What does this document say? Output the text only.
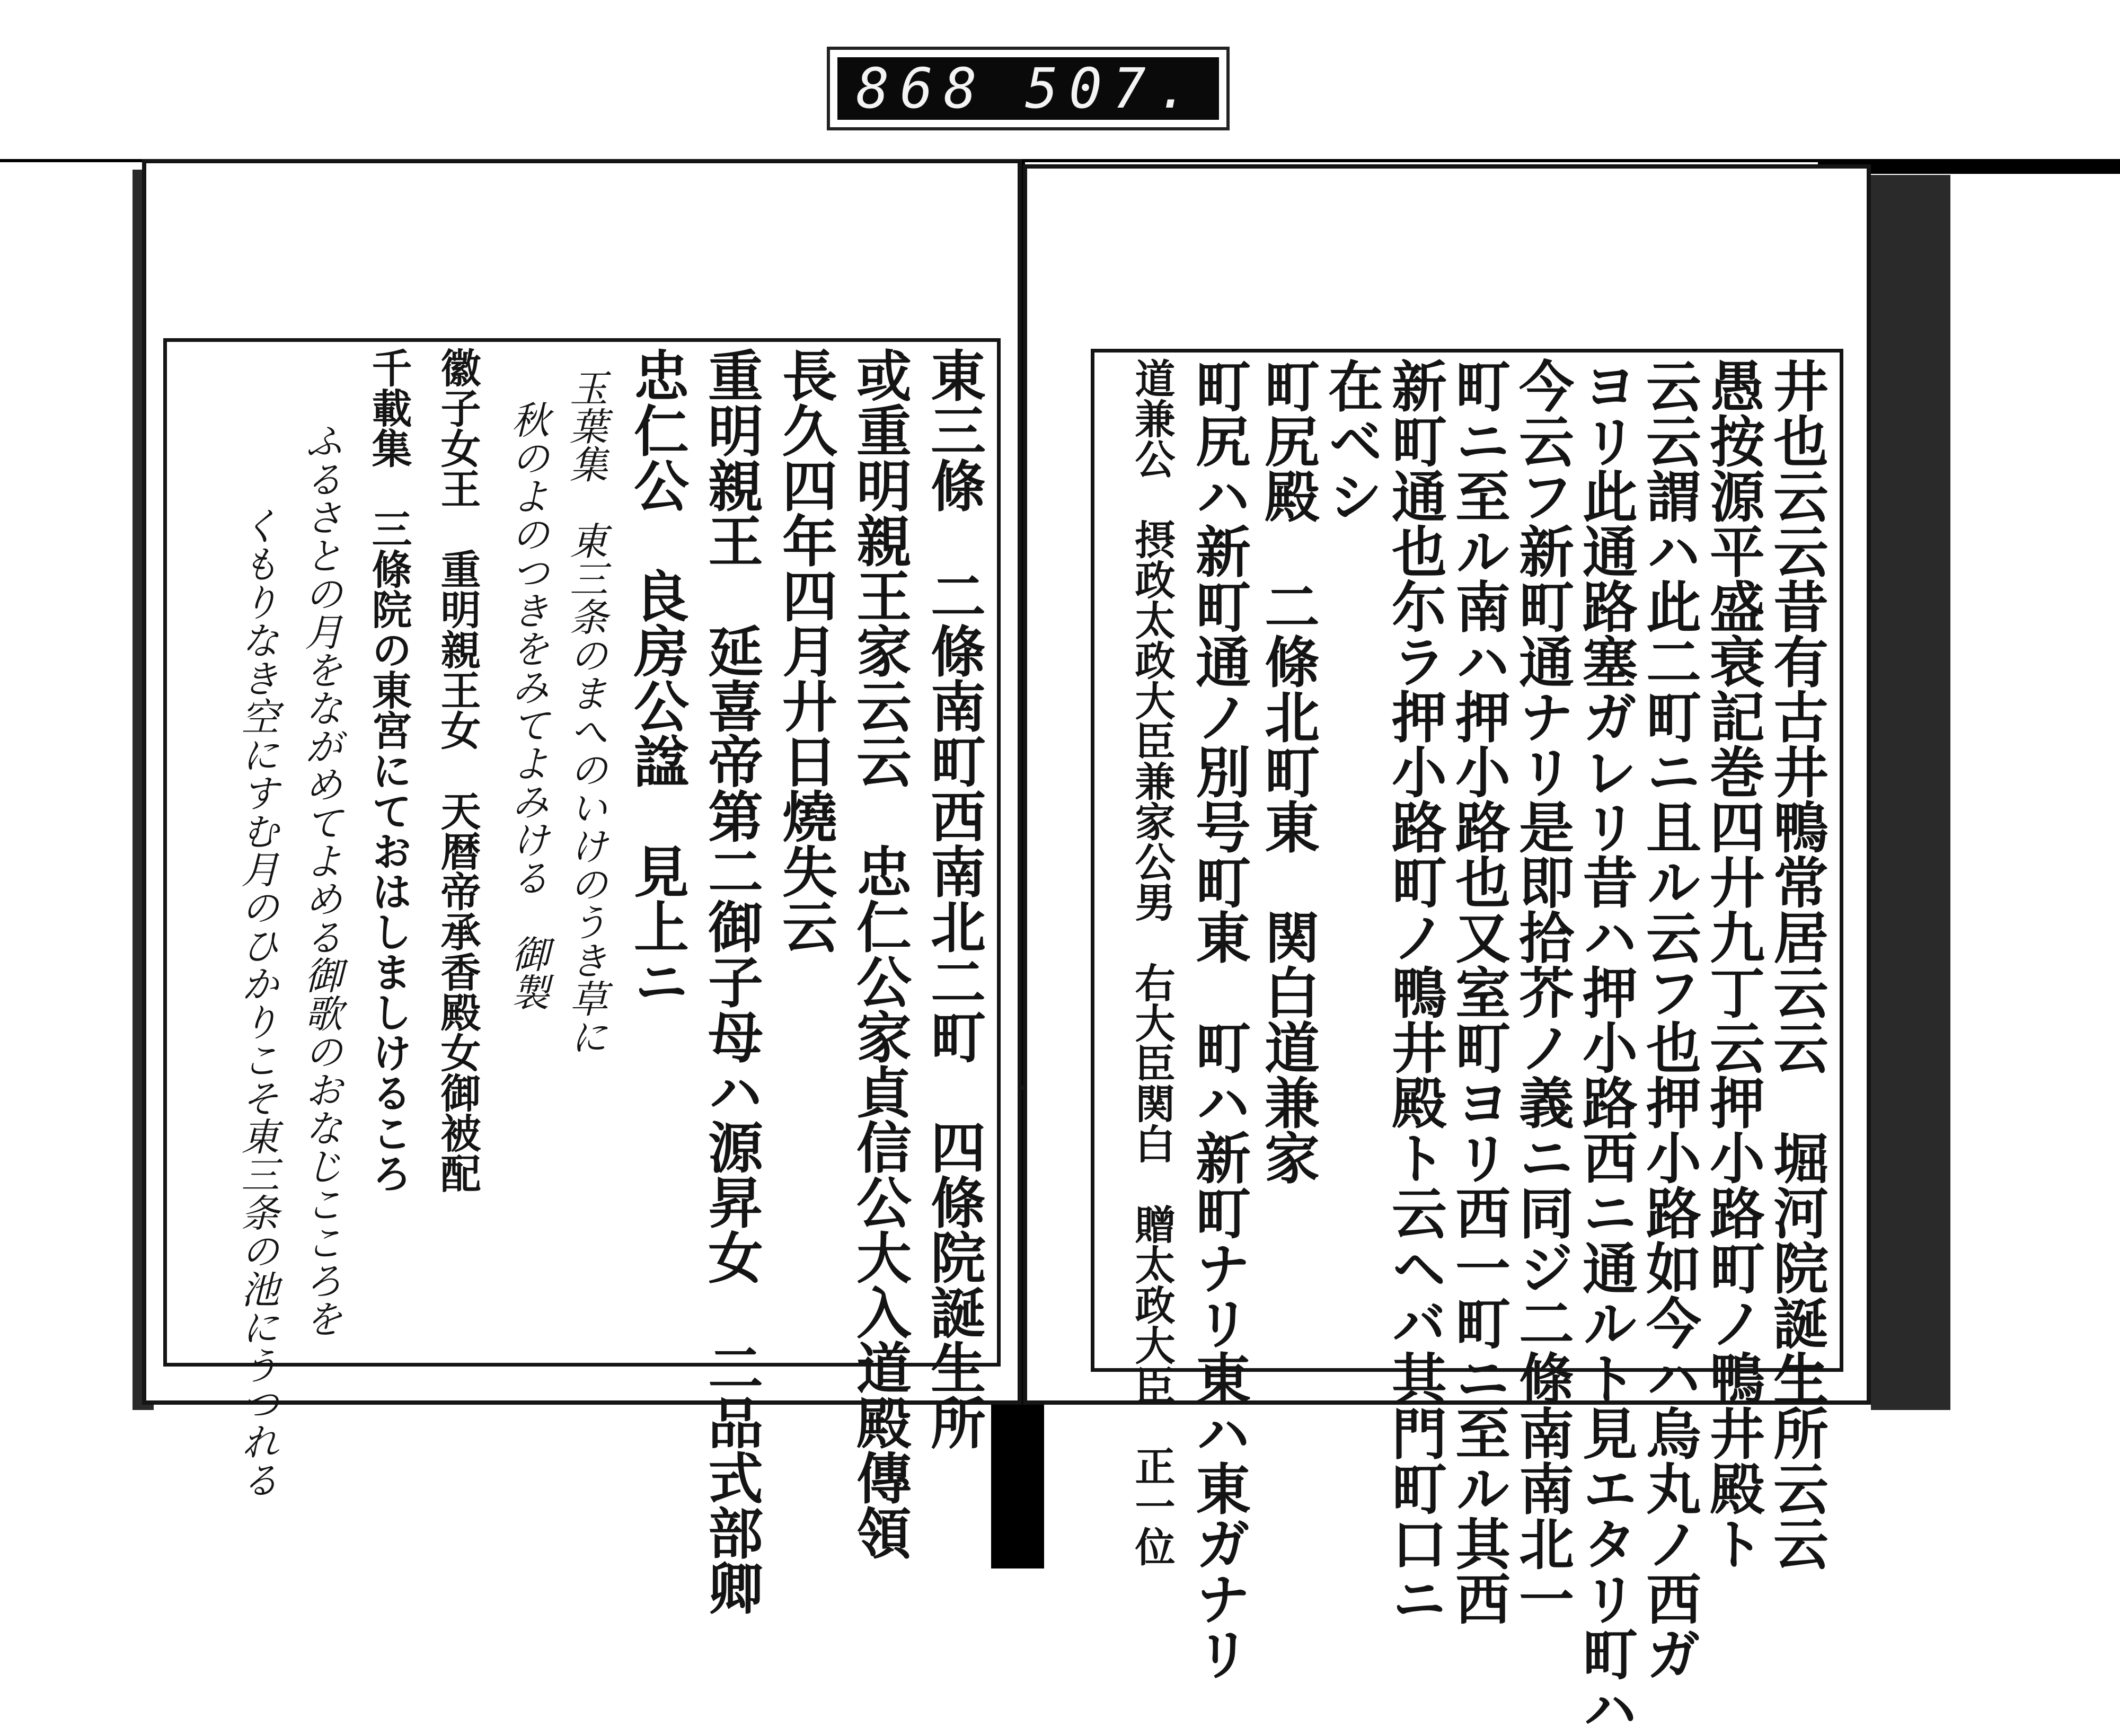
868 507.
東三條　二條南町西南北二町　四條院誕生所
或重明親王家云云　忠仁公家貞信公大入道殿傳領
長久四年四月廾日燒失云
重明親王　延喜帝第二御子母ハ源昇女　二品式部卿
忠仁公　良房公諡　見上ニ
玉葉集　東三条のまへのいけのうき草に
秋のよのつきをみてよみける　御製
徽子女王　重明親王女　天暦帝承香殿女御被配
千載集　三條院の東宮にておはしましけるころ
ふるさとの月をながめてよめる御歌のおなじこころを
くもりなき空にすむ月のひかりこそ東三条の池にうつれる	井也云云昔有古井鴨常居云云　堀河院誕生所云云
愚按源平盛衰記巻四廾九丁云押小路町ノ鴨井殿ト
云云謂ハ此二町ニ且ル云フ也押小路如今ハ烏丸ノ西ガ
ヨリ此通路塞ガレリ昔ハ押小路西ニ通ルト見エタリ町ハ
今云フ新町通ナリ是即拾芥ノ義ニ同ジ二條南南北一
町ニ至ル南ハ押小路也又室町ヨリ西一町ニ至ル其西
新町通也尓ラ押小路町ノ鴨井殿ト云ヘバ其門町口ニ
在ベシ
町尻殿　二條北町東　関白道兼家
町尻ハ新町通ノ別号町東　町ハ新町ナリ東ハ東ガナリ
道兼公　摂政太政大臣兼家公男　右大臣関白　贈太政大臣　正一位
